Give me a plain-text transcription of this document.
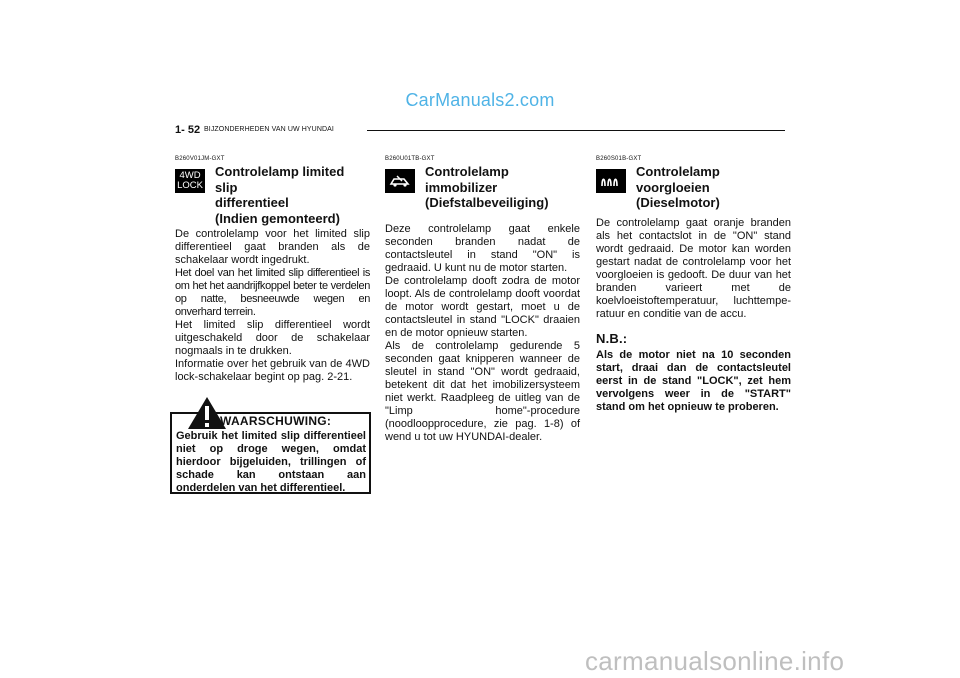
CarManuals2.com
1- 52 BIJZONDERHEDEN VAN UW HYUNDAI
B260V01JM-GXT
4WD
LOCK
Controlelamp limited slip
differentieel
(Indien gemonteerd)

De controlelamp voor het limited slip differentieel gaat branden als de schakelaar wordt ingedrukt.

Het doel van het limited slip differentieel is om het het aandrijfkoppel beter te verdelen op natte, besneeuwde wegen en onverhard terrein.

Het limited slip differentieel wordt uitgeschakeld door de schakelaar nogmaals in te drukken.

Informatie over het gebruik van de 4WD lock-schakelaar begint op pag. 2-21.

WAARSCHUWING:
Gebruik het limited slip differentieel niet op droge wegen, omdat hierdoor bijgeluiden, trillingen of schade kan ontstaan aan onderdelen van het differentieel.
B260U01TB-GXT
Controlelamp
immobilizer
(Diefstalbeveiliging)

Deze controlelamp gaat enkele seconden branden nadat de contactsleutel in stand "ON" is gedraaid. U kunt nu de motor starten.

De controlelamp dooft zodra de motor loopt. Als de controlelamp dooft voordat de motor wordt gestart, moet u de contactsleutel in stand "LOCK" draaien en de motor opnieuw starten.

Als de controlelamp gedurende 5 seconden gaat knipperen wanneer de sleutel in stand "ON" wordt gedraaid, betekent dit dat het imobilizersysteem niet werkt. Raadpleeg de uitleg van de "Limp home"-procedure (noodloopprocedure, zie pag. 1-8) of wend u tot uw HYUNDAI-dealer.

B260S01B-GXT
Controlelamp
voorgloeien
(Dieselmotor)

De controlelamp gaat oranje branden als het contactslot in de "ON" stand wordt gedraaid. De motor kan worden gestart nadat de controlelamp voor het voorgloeien is gedooft. De duur van het branden varieert met de koelvloeistoftemperatuur, luchttempe-ratuur en conditie van de accu.

N.B.:
Als de motor niet na 10 seconden start, draai dan de contactsleutel eerst in de stand "LOCK", zet hem vervolgens weer in de "START" stand om het opnieuw te proberen.
carmanualsonline.info
